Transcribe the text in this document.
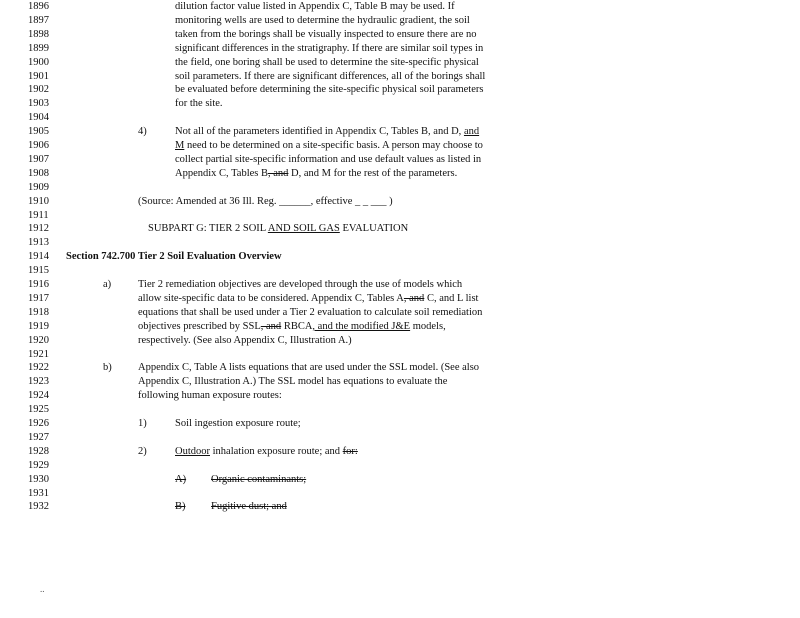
1896	dilution factor value listed in Appendix C, Table B may be used. If
1897	monitoring wells are used to determine the hydraulic gradient, the soil
1898	taken from the borings shall be visually inspected to ensure there are no
1899	significant differences in the stratigraphy. If there are similar soil types in
1900	the field, one boring shall be used to determine the site-specific physical
1901	soil parameters. If there are significant differences, all of the borings shall
1902	be evaluated before determining the site-specific physical soil parameters
1903	for the site.
1904
1905	4)	Not all of the parameters identified in Appendix C, Tables B, and D, and
1906	M need to be determined on a site-specific basis. A person may choose to
1907	collect partial site-specific information and use default values as listed in
1908	Appendix C, Tables B, and D, and M for the rest of the parameters.
1909
1910	(Source: Amended at 36 Ill. Reg. ______, effective _ _ ___ )
1911
1912	SUBPART G: TIER 2 SOIL AND SOIL GAS EVALUATION
1913
1914 Section 742.700 Tier 2 Soil Evaluation Overview
1915
1916	a)	Tier 2 remediation objectives are developed through the use of models which
1917	allow site-specific data to be considered. Appendix C, Tables A, and C, and L list
1918	equations that shall be used under a Tier 2 evaluation to calculate soil remediation
1919	objectives prescribed by SSL, and RBCA, and the modified J&E models,
1920	respectively. (See also Appendix C, Illustration A.)
1921
1922	b)	Appendix C, Table A lists equations that are used under the SSL model. (See also
1923	Appendix C, Illustration A.) The SSL model has equations to evaluate the
1924	following human exposure routes:
1925
1926	1)	Soil ingestion exposure route;
1927
1928	2)	Outdoor inhalation exposure route; and for:
1929
1930	A) Organic contaminants;
1931
1932	B) Fugitive dust; and
..
